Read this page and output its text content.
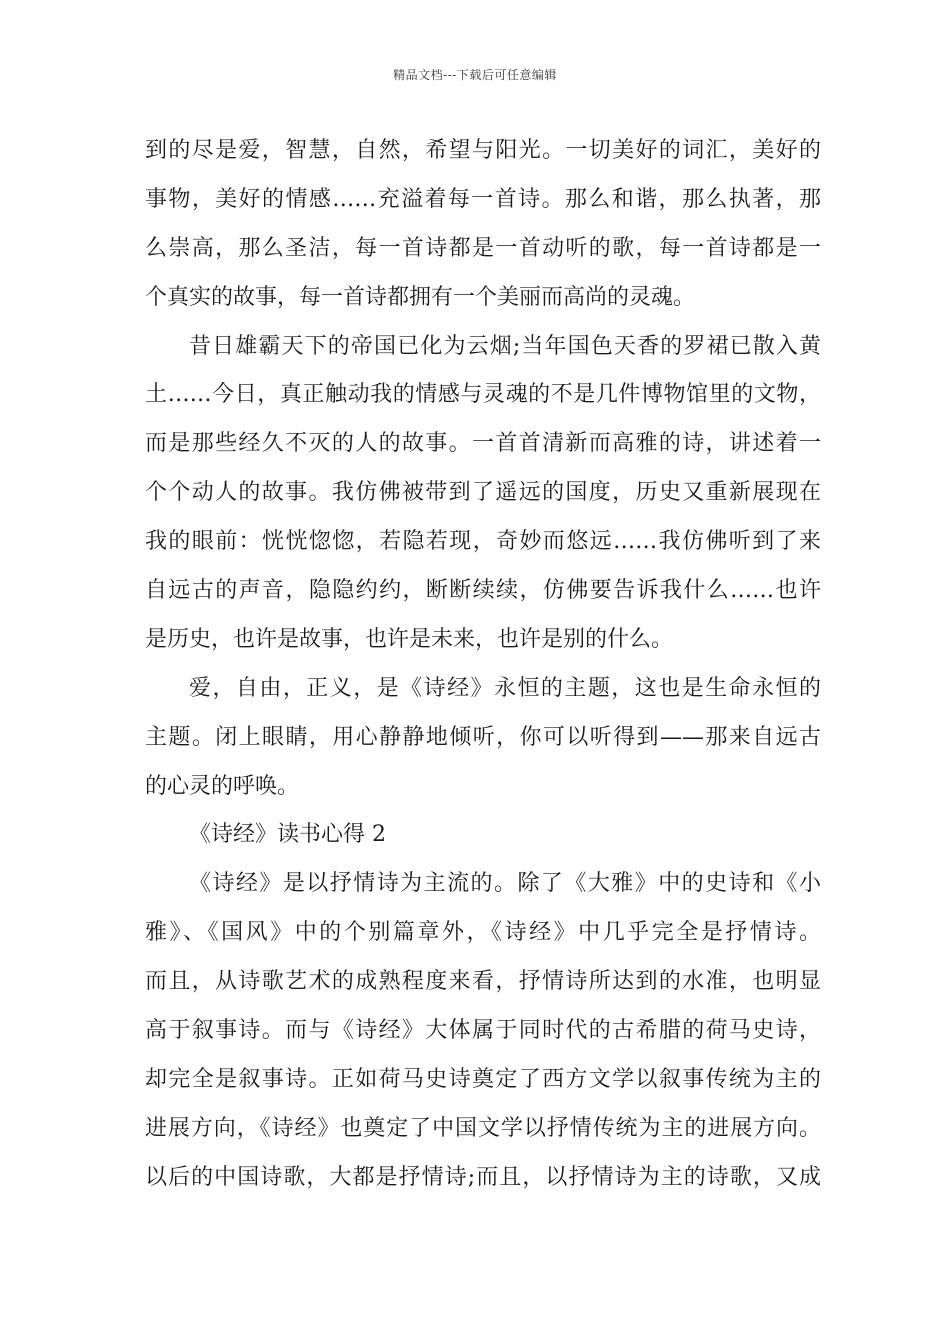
精品文档---下载后可任意编辑
到的尽是爱，智慧，自然，希望与阳光。一切美好的词汇，美好的
事物，美好的情感……充溢着每一首诗。那么和谐，那么执著，那
么崇高，那么圣洁，每一首诗都是一首动听的歌，每一首诗都是一
个真实的故事，每一首诗都拥有一个美丽而高尚的灵魂。
昔日雄霸天下的帝国已化为云烟;当年国色天香的罗裙已散入黄
土……今日，真正触动我的情感与灵魂的不是几件博物馆里的文物，
而是那些经久不灭的人的故事。一首首清新而高雅的诗，讲述着一
个个动人的故事。我仿佛被带到了遥远的国度，历史又重新展现在
我的眼前：恍恍惚惚，若隐若现，奇妙而悠远……我仿佛听到了来
自远古的声音，隐隐约约，断断续续，仿佛要告诉我什么……也许
是历史，也许是故事，也许是未来，也许是别的什么。
爱，自由，正义，是《诗经》永恒的主题，这也是生命永恒的
主题。闭上眼睛，用心静静地倾听，你可以听得到——那来自远古
的心灵的呼唤。
《诗经》读书心得 2
《诗经》是以抒情诗为主流的。除了《大雅》中的史诗和《小
雅》、《国风》中的个别篇章外，《诗经》中几乎完全是抒情诗。
而且，从诗歌艺术的成熟程度来看，抒情诗所达到的水准，也明显
高于叙事诗。而与《诗经》大体属于同时代的古希腊的荷马史诗，
却完全是叙事诗。正如荷马史诗奠定了西方文学以叙事传统为主的
进展方向，《诗经》也奠定了中国文学以抒情传统为主的进展方向。
以后的中国诗歌，大都是抒情诗;而且，以抒情诗为主的诗歌，又成
